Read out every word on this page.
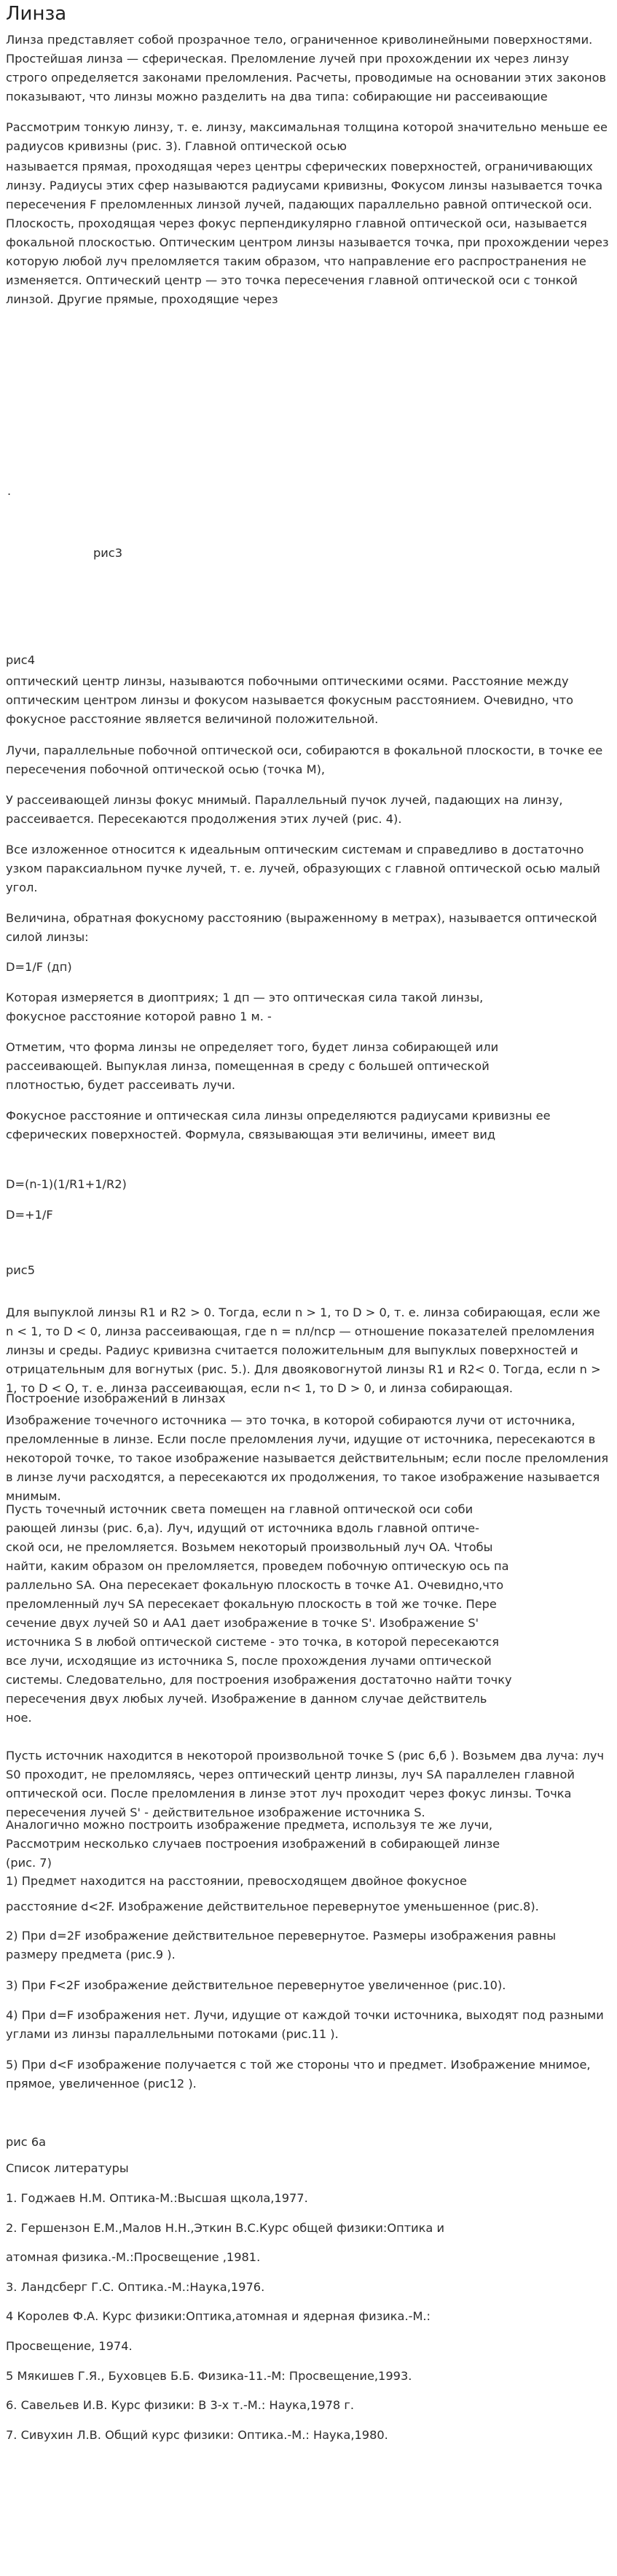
Линза

Линза представляет собой прозрачное тело, ограниченное криволинейными поверхностями. Простейшая линза — сферическая. Преломление лучей при прохождении их через линзу строго определяется законами преломления. Расчеты, проводимые на основании этих законов показывают, что линзы можно разделить на два типа: собирающие ни рассеивающие

Рассмотрим тонкую линзу, т. е. линзу, максимальная толщина которой значительно меньше ее радиусов кривизны (рис. 3). Главной оптической осью

называется прямая, проходящая через центры сферических поверхностей, ограничивающих линзу. Радиусы этих сфер называются радиусами кривизны, Фокусом линзы называется точка пересечения F преломленных линзой лучей, падающих параллельно равной оптической оси. Плоскость, проходящая через фокус перпендикулярно главной оптической оси, называется фокальной плоскостью. Оптическим центром линзы называется точка, при прохождении через которую любой луч преломляется таким образом, что направление его распространения не изменяется. Оптический центр — это точка пересечения главной оптической оси с тонкой линзой. Другие прямые, проходящие через

.
рис3
рис4

оптический центр линзы, называются побочными оптическими осями. Расстояние между оптическим центром линзы и фокусом называется фокусным расстоянием. Очевидно, что фокусное расстояние является величиной положительной.

Лучи, параллельные побочной оптической оси, собираются в фокальной плоскости, в точке ее пересечения побочной оптической осью (точка М),

У рассеивающей линзы фокус мнимый. Параллельный пучок лучей, падающих на линзу, рассеивается. Пересекаются продолжения этих лучей (рис. 4).

Все изложенное относится к идеальным оптическим системам и справедливо в достаточно узком параксиальном пучке лучей, т. е. лучей, образующих с главной оптической осью малый угол.

Величина, обратная фокусному расстоянию (выраженному в метрах), называется оптической силой линзы:

D=1/F (дп)

Которая измеряется в диоптриях; 1 дп — это оптическая сила такой линзы,
фокусное расстояние которой равно 1 м. -

Отметим, что форма линзы не определяет того, будет линза собирающей или
рассеивающей. Выпуклая линза, помещенная в среду с большей оптической
плотностью, будет рассеивать лучи.

Фокусное расстояние и оптическая сила линзы определяются радиусами кривизны ее сферических поверхностей. Формула, связывающая эти величины, имеет вид

D=(n-1)(1/R1+1/R2)

D=+1/F

рис5

Для выпуклой линзы R1 и R2 > 0. Тогда, если n > 1, то D > 0, т. е. линза собирающая, если же n < 1, то D < 0, линза рассеивающая, где n = nл/ncp — отношение показателей преломления линзы и среды. Радиус кривизна считается положительным для выпуклых поверхностей и отрицательным для вогнутых (рис. 5.). Для двояковогнутой линзы R1 и R2< 0. Тогда, если n > 1, то D < О, т. е. линза рассеивающая, если n< 1, то D > 0, и линза собирающая.

Построение изображений в линзах

Изображение точечного источника — это точка, в которой собираются лучи от источника, преломленные в линзе. Если после преломления лучи, идущие от источника, пересекаются в некоторой точке, то такое изображение называется действительным; если после преломления в линзе лучи расходятся, а пересекаются их продолжения, то такое изображение называется мнимым.

Пусть точечный источник света помещен на главной оптической оси соби
рающей линзы (рис. 6,а). Луч, идущий от источника вдоль главной оптиче-
ской оси, не преломляется. Возьмем некоторый произвольный луч ОА. Чтобы
найти, каким образом он преломляется, проведем побочную оптическую ось па
раллельно SA. Она пересекает фокальную плоскость в точке А1. Очевидно,что
преломленный луч SA пересекает фокальную плоскость в той же точке. Пере
сечение двух лучей S0 и АА1 дает изображение в точке S'. Изображение S'
источника S в любой оптической системе - это точка, в которой пересекаются
все лучи, исходящие из источника S, после прохождения лучами оптической
системы. Следовательно, для построения изображения достаточно найти точку
пересечения двух любых лучей. Изображение в данном случае действитель
ное.

Пусть источник находится в некоторой произвольной точке S (рис 6,б ). Возьмем два луча: луч S0 проходит, не преломляясь, через оптический центр линзы, луч SA параллелен главной оптической оси. После преломления в линзе этот луч проходит через фокус линзы. Точка пересечения лучей S' - действительное изображение источника S.

Аналогично можно построить изображение предмета, используя те же лучи,
Рассмотрим несколько случаев построения изображений в собирающей линзе
(рис. 7)

1) Предмет находится на расстоянии, превосходящем двойное фокусное

расстояние d<2F. Изображение действительное перевернутое уменьшенное (рис.8).

2) При d=2F изображение действительное перевернутое. Размеры изображения равны размеру предмета (рис.9 ).

3) При F<2F изображение действительное перевернутое увеличенное (рис.10).

4) При d=F изображения нет. Лучи, идущие от каждой точки источника, выходят под разными углами из линзы параллельными потоками (рис.11 ).

5) При d<F изображение получается с той же стороны что и предмет. Изображение мнимое, прямое, увеличенное (рис12 ).

рис 6а

Список литературы

1. Годжаев Н.М. Оптика-М.:Высшая щкола,1977.

2. Гершензон Е.М.,Малов Н.Н.,Эткин В.С.Курс общей физики:Оптика и

атомная физика.-М.:Просвещение ,1981.

3. Ландсберг Г.С. Оптика.-М.:Наука,1976.

4 Королев Ф.А. Курс физики:Оптика,атомная и ядерная физика.-М.:

Просвещение, 1974.

5 Мякишев Г.Я., Буховцев Б.Б. Физика-11.-М: Просвещение,1993.

6. Савельев И.В. Курс физики: В 3-х т.-М.: Наука,1978 г.

7. Сивухин Л.В. Общий курс физики: Оптика.-М.: Наука,1980.
